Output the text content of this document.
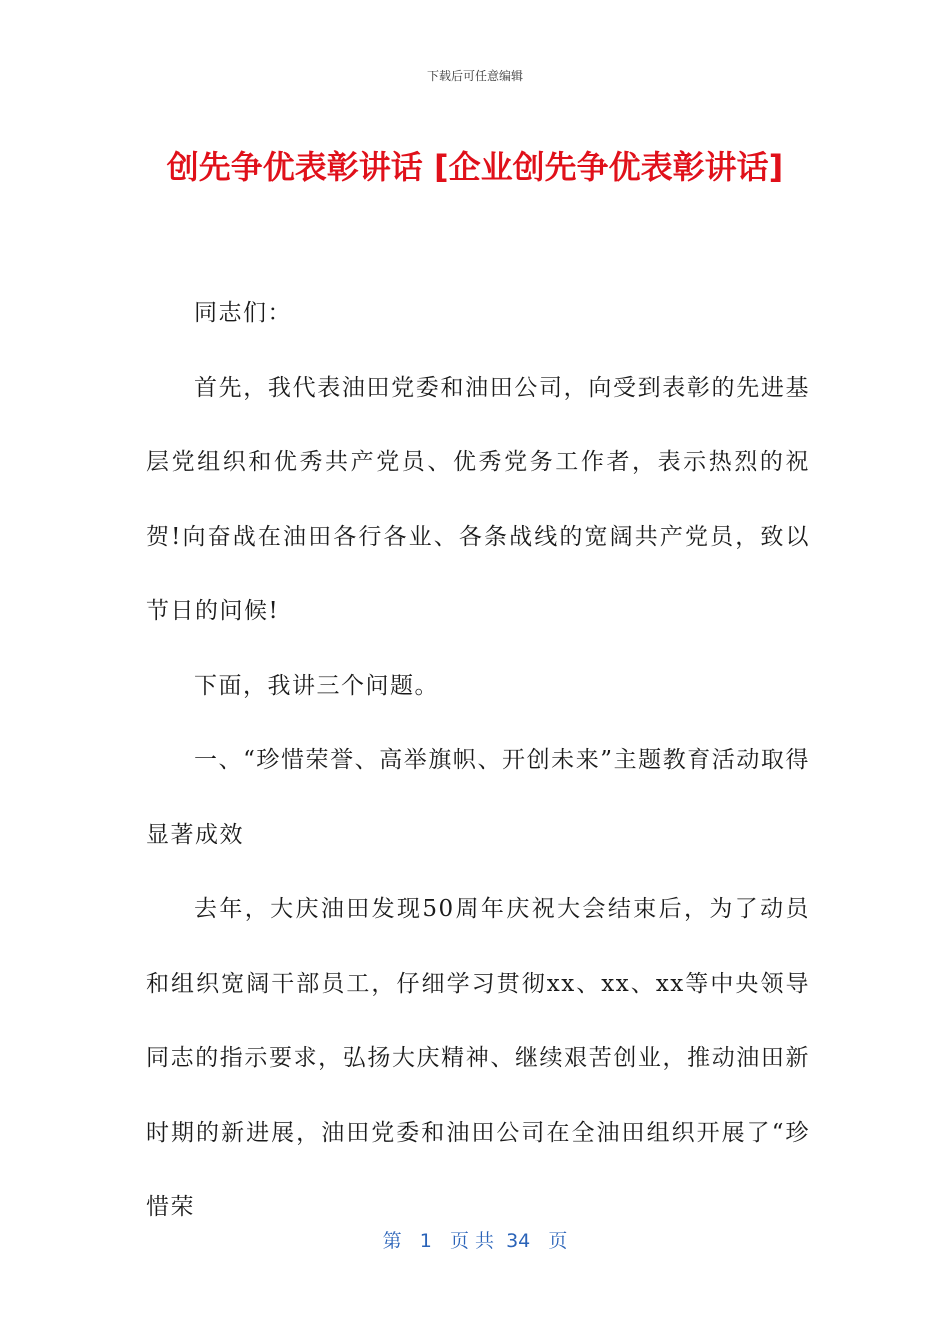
下载后可任意编辑
创先争优表彰讲话 [企业创先争优表彰讲话]

同志们：

首先，我代表油田党委和油田公司，向受到表彰的先进基层党组织和优秀共产党员、优秀党务工作者，表示热烈的祝贺!向奋战在油田各行各业、各条战线的宽阔共产党员，致以节日的问候!

下面，我讲三个问题。

一、“珍惜荣誉、高举旗帜、开创未来”主题教育活动取得显著成效

去年，大庆油田发现50周年庆祝大会结束后，为了动员和组织宽阔干部员工，仔细学习贯彻xx、xx、xx等中央领导同志的指示要求，弘扬大庆精神、继续艰苦创业，推动油田新时期的新进展，油田党委和油田公司在全油田组织开展了“珍惜荣

第 1 页 共 34 页
